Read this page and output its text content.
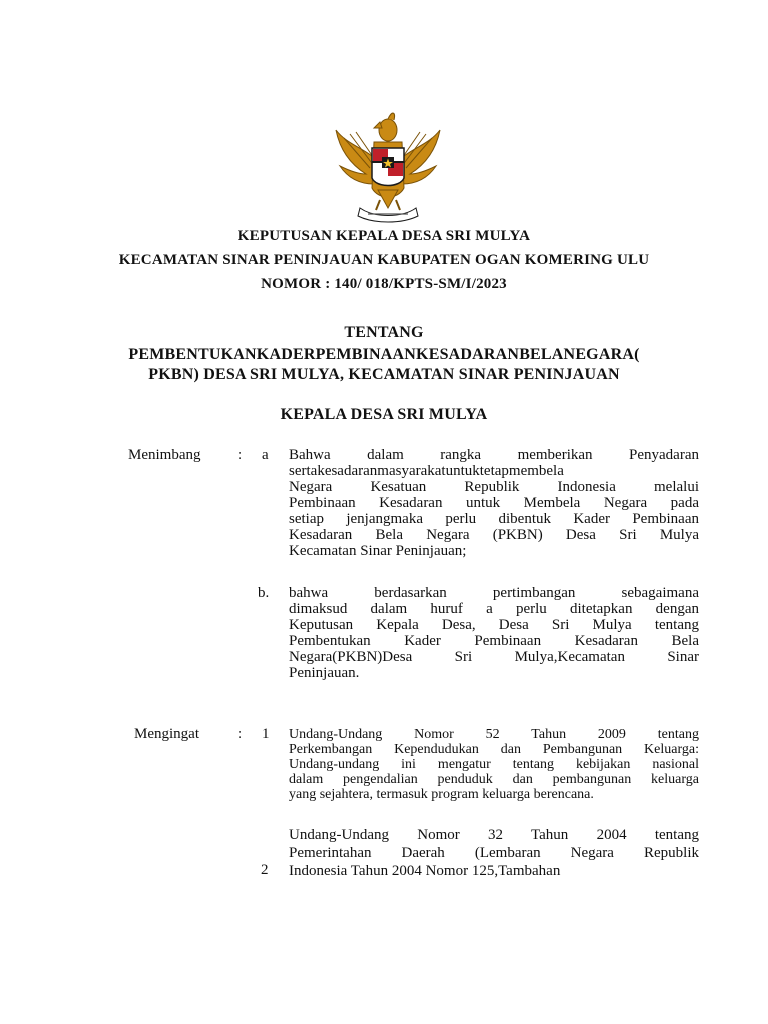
KEPUTUSAN KEPALA DESA SRI MULYA
KECAMATAN SINAR PENINJAUAN KABUPATEN OGAN KOMERING ULU
NOMOR : 140/ 018/KPTS-SM/I/2023
TENTANG
PEMBENTUKANKADERPEMBINAANKESADARANBELANEGARA(
PKBN) DESA SRI MULYA, KECAMATAN SINAR PENINJAUAN
KEPALA DESA SRI MULYA
Menimbang	: a Bahwa dalam rangka memberikan Penyadaran

sertakesadaranmasyarakatuntuktetapmembela

Negara Kesatuan Republik Indonesia melalui

Pembinaan Kesadaran untuk Membela Negara pada

setiap jenjangmaka perlu dibentuk Kader Pembinaan

Kesadaran Bela Negara (PKBN) Desa Sri Mulya

Kecamatan Sinar Peninjauan;

b. bahwa berdasarkan pertimbangan sebagaimana

dimaksud dalam huruf a perlu ditetapkan dengan

Keputusan Kepala Desa, Desa Sri Mulya tentang

Pembentukan Kader Pembinaan Kesadaran Bela

Negara(PKBN)Desa Sri Mulya,Kecamatan Sinar

Peninjauan.

Mengingat	: 1 Undang-Undang Nomor 52 Tahun 2009 tentang

Perkembangan Kependudukan dan Pembangunan Keluarga:

Undang-undang ini mengatur tentang kebijakan nasional

dalam pengendalian penduduk dan pembangunan keluarga

yang sejahtera, termasuk program keluarga berencana.

Undang-Undang Nomor 32 Tahun 2004 tentang

Pemerintahan Daerah (Lembaran Negara Republik

Indonesia Tahun 2004 Nomor 125,Tambahan

2
